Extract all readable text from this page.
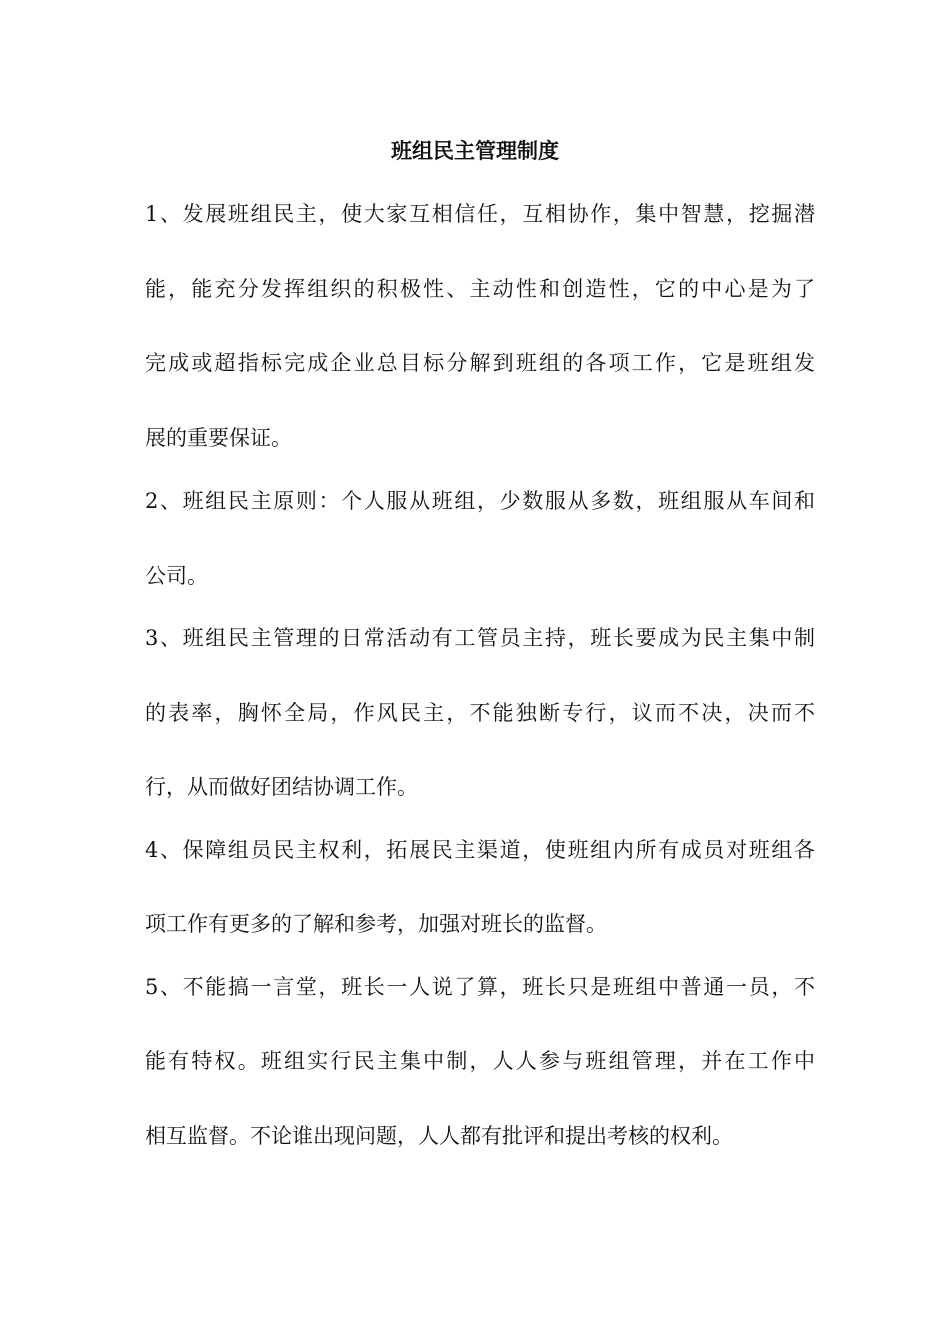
班组民主管理制度
1、发展班组民主，使大家互相信任，互相协作，集中智慧，挖掘潜
能，能充分发挥组织的积极性、主动性和创造性，它的中心是为了
完成或超指标完成企业总目标分解到班组的各项工作，它是班组发
展的重要保证。
2、班组民主原则：个人服从班组，少数服从多数，班组服从车间和
公司。
3、班组民主管理的日常活动有工管员主持，班长要成为民主集中制
的表率，胸怀全局，作风民主，不能独断专行，议而不决，决而不
行，从而做好团结协调工作。
4、保障组员民主权利，拓展民主渠道，使班组内所有成员对班组各
项工作有更多的了解和参考，加强对班长的监督。
5、不能搞一言堂，班长一人说了算，班长只是班组中普通一员，不
能有特权。班组实行民主集中制，人人参与班组管理，并在工作中
相互监督。不论谁出现问题，人人都有批评和提出考核的权利。
